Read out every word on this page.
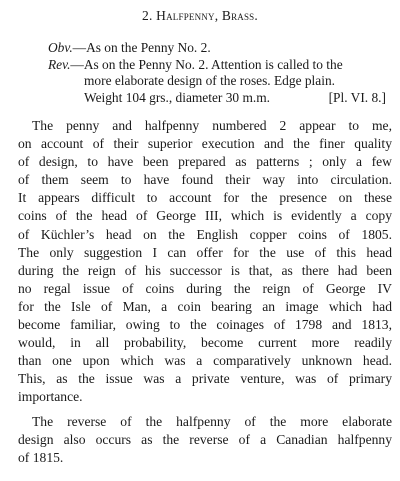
2. Halfpenny, Brass.
Obv.—As on the Penny No. 2.
Rev.—As on the Penny No. 2. Attention is called to the
more elaborate design of the roses. Edge plain.
Weight 104 grs., diameter 30 m.m.	[Pl. VI. 8.]
The penny and halfpenny numbered 2 appear to me,
on account of their superior execution and the finer quality
of design, to have been prepared as patterns ; only a few
of them seem to have found their way into circulation.
It appears difficult to account for the presence on these
coins of the head of George III, which is evidently a copy
of Küchler’s head on the English copper coins of 1805.
The only suggestion I can offer for the use of this head
during the reign of his successor is that, as there had been
no regal issue of coins during the reign of George IV
for the Isle of Man, a coin bearing an image which had
become familiar, owing to the coinages of 1798 and 1813,
would, in all probability, become current more readily
than one upon which was a comparatively unknown head.
This, as the issue was a private venture, was of primary
importance.
The reverse of the halfpenny of the more elaborate
design also occurs as the reverse of a Canadian halfpenny
of 1815.
